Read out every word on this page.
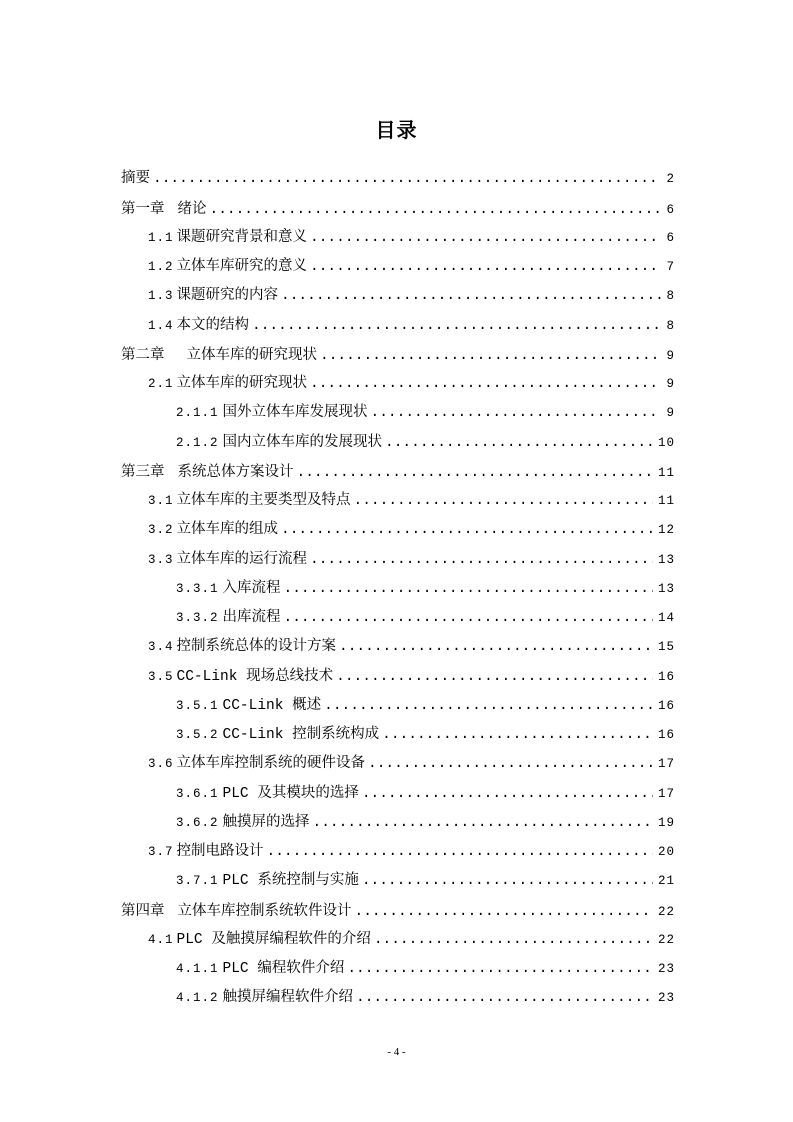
目录
摘要 .....	2
第一章 绪论 .....	6
1.1 课题研究背景和意义 .....	6
1.2 立体车库研究的意义 .....	7
1.3 课题研究的内容 .....	8
1.4 本文的结构 .....	8
第二章 立体车库的研究现状 .....	9
2.1 立体车库的研究现状 .....	9
2.1.1 国外立体车库发展现状 .....	9
2.1.2 国内立体车库的发展现状 .....	10
第三章 系统总体方案设计 .....	11
3.1 立体车库的主要类型及特点 .....	11
3.2 立体车库的组成 .....	12
3.3 立体车库的运行流程 .....	13
3.3.1 入库流程 .....	13
3.3.2 出库流程 .....	14
3.4 控制系统总体的设计方案 .....	15
3.5 CC-Link 现场总线技术 .....	16
3.5.1 CC-Link 概述 .....	16
3.5.2 CC-Link 控制系统构成 .....	16
3.6 立体车库控制系统的硬件设备 .....	17
3.6.1 PLC 及其模块的选择 .....	17
3.6.2 触摸屏的选择 .....	19
3.7 控制电路设计 .....	20
3.7.1 PLC 系统控制与实施 .....	21
第四章 立体车库控制系统软件设计 .....	22
4.1 PLC 及触摸屏编程软件的介绍 .....	22
4.1.1 PLC 编程软件介绍 .....	23
4.1.2 触摸屏编程软件介绍 .....	23
- 4 -
